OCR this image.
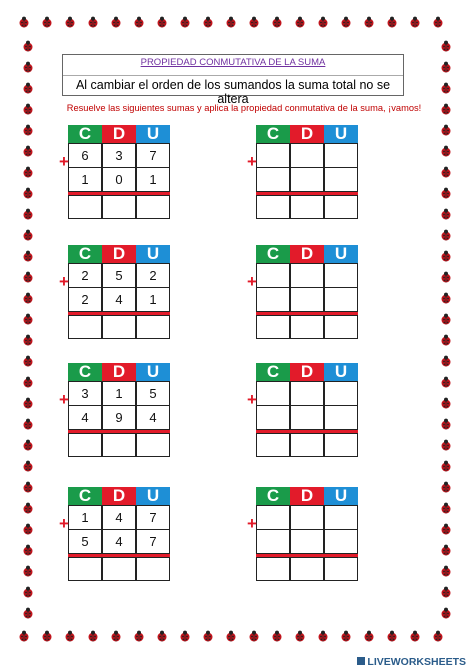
PROPIEDAD CONMUTATIVA DE LA SUMA
Al cambiar el orden de los sumandos la suma total no se altera
Resuelve las siguientes sumas y aplica la propiedad conmutativa de la suma, ¡vamos!
C	D	U
6	3	7
1	0	1
+
C	D	U
+
C	D	U
2	5	2
2	4	1
+
C	D	U
+
C	D	U
3	1	5
4	9	4
+
C	D	U
+
C	D	U
1	4	7
5	4	7
+
C	D	U
+
LIVEWORKSHEETS
